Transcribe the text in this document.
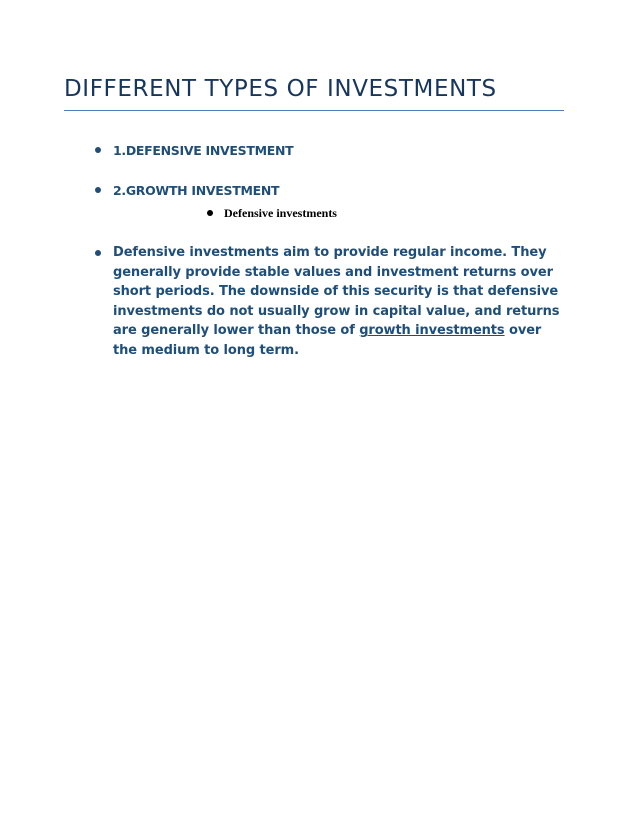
DIFFERENT TYPES OF INVESTMENTS
1.DEFENSIVE INVESTMENT
2.GROWTH INVESTMENT
Defensive investments
Defensive investments aim to provide regular income. They generally provide stable values and investment returns over short periods. The downside of this security is that defensive investments do not usually grow in capital value, and returns are generally lower than those of growth investments over the medium to long term.
